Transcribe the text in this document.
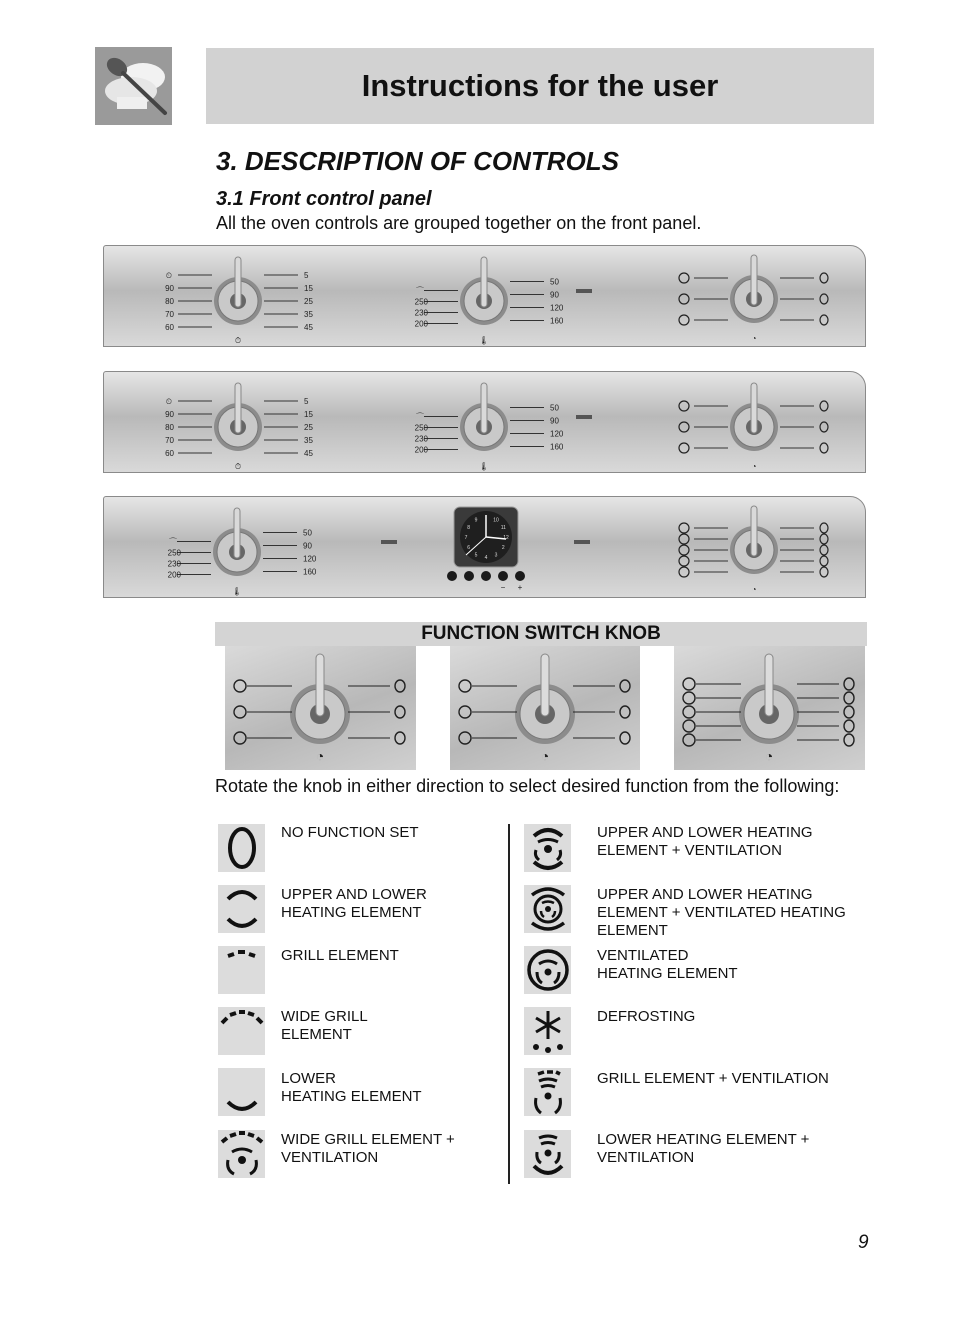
Instructions for the user
3. DESCRIPTION OF CONTROLS
3.1 Front control panel
All the oven controls are grouped together on the front panel.
⏲
90
80
70
60
5
15
25
35
45
⏱
⌒
250
230
200
50
90
120
160
🌡	◔
⏲
90
80
70
60
5
15
25
35
45
⏱
⌒
250
230
200
50
90
120
160
🌡	◔
⌒
250
230
200
50
90
120
160
🌡
10
11
12
2
3
4
5
6
7
8
9
− +	◔
FUNCTION SWITCH KNOB
◔	◔	◔
Rotate the knob in either direction to select desired function from the following:
NO FUNCTION SET
UPPER AND LOWER
HEATING ELEMENT
GRILL ELEMENT
WIDE GRILL
ELEMENT
LOWER
HEATING ELEMENT
WIDE GRILL ELEMENT +
VENTILATION
UPPER AND LOWER HEATING
ELEMENT + VENTILATION
UPPER AND LOWER HEATING
ELEMENT + VENTILATED HEATING
ELEMENT
VENTILATED
HEATING ELEMENT
DEFROSTING
GRILL ELEMENT + VENTILATION
LOWER HEATING ELEMENT +
VENTILATION
9
